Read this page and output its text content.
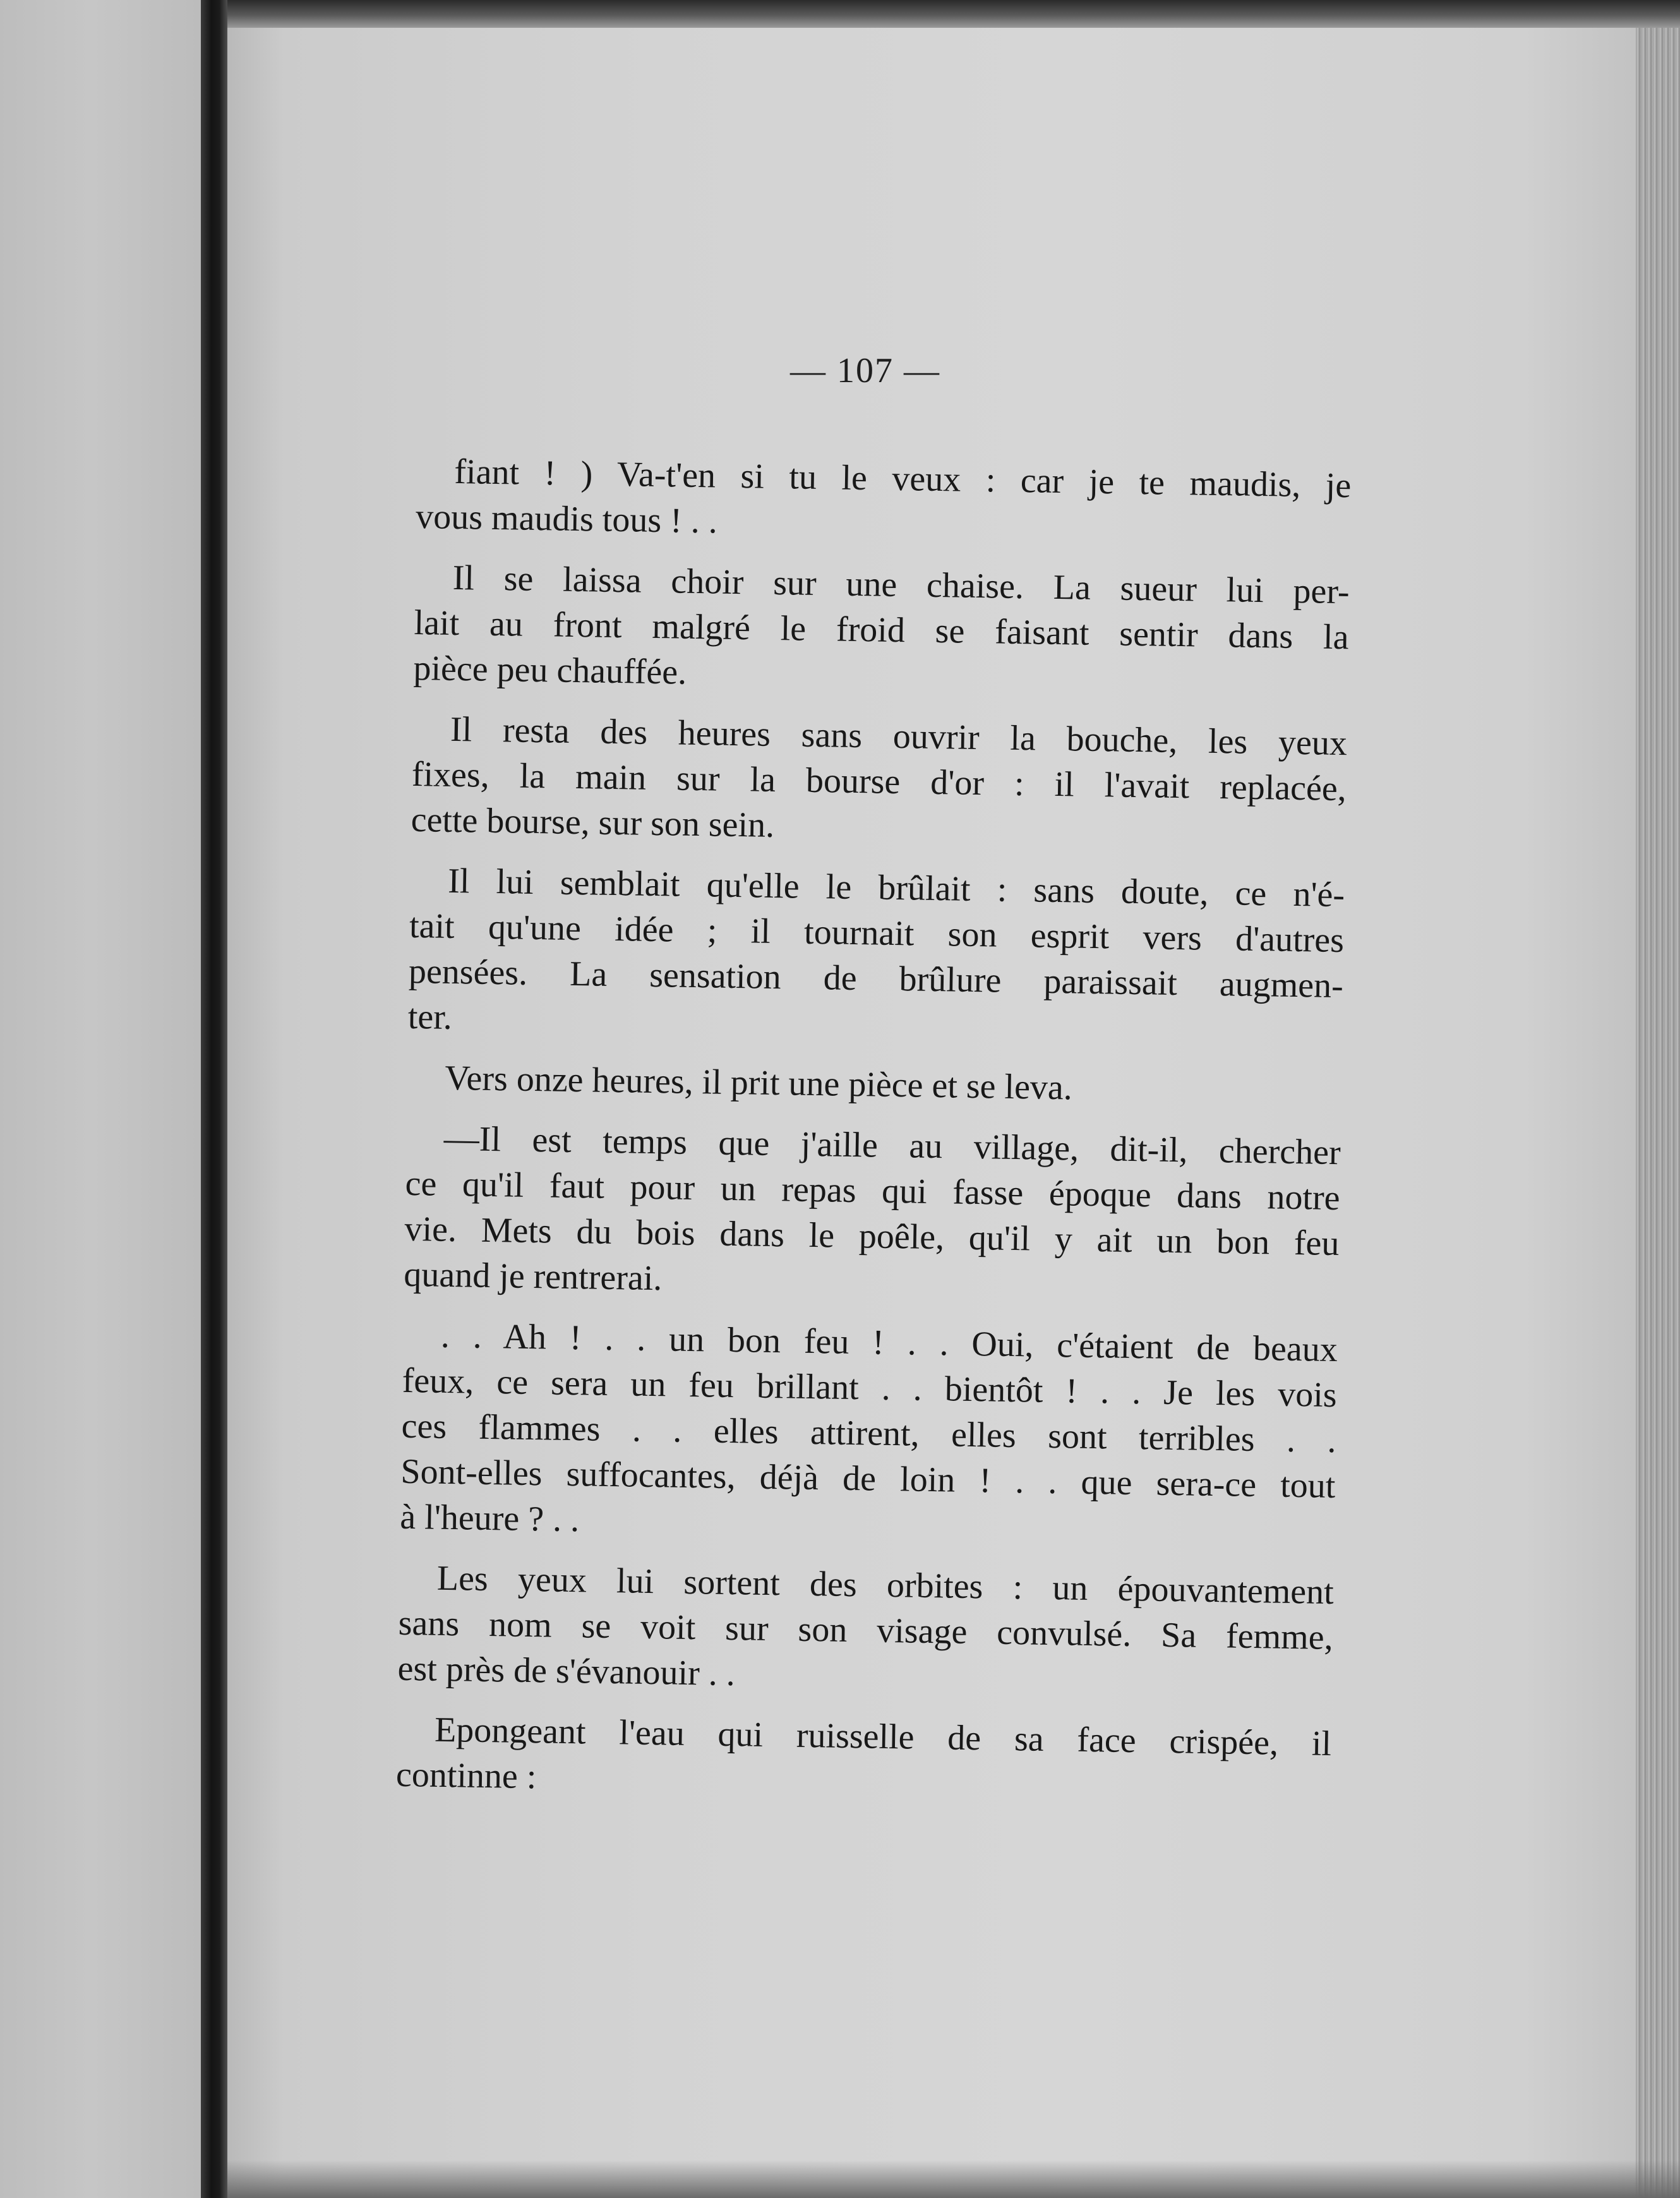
— 107 —
fiant ! ) Va-t'en si tu le veux : car je te maudis, je
vous maudis tous ! . .
Il se laissa choir sur une chaise. La sueur lui per-
lait au front malgré le froid se faisant sentir dans la
pièce peu chauffée.
Il resta des heures sans ouvrir la bouche, les yeux
fixes, la main sur la bourse d'or : il l'avait replacée,
cette bourse, sur son sein.
Il lui semblait qu'elle le brûlait : sans doute, ce n'é-
tait qu'une idée ; il tournait son esprit vers d'autres
pensées. La sensation de brûlure paraissait augmen-
ter.
Vers onze heures, il prit une pièce et se leva.
—Il est temps que j'aille au village, dit-il, chercher
ce qu'il faut pour un repas qui fasse époque dans notre
vie. Mets du bois dans le poêle, qu'il y ait un bon feu
quand je rentrerai.
. . Ah ! . . un bon feu ! . . Oui, c'étaient de beaux
feux, ce sera un feu brillant . . bientôt ! . . Je les vois
ces flammes . . elles attirent, elles sont terribles . .
Sont-elles suffocantes, déjà de loin ! . . que sera-ce tout
à l'heure ? . .
Les yeux lui sortent des orbites : un épouvantement
sans nom se voit sur son visage convulsé. Sa femme,
est près de s'évanouir . .
Epongeant l'eau qui ruisselle de sa face crispée, il
continne :
